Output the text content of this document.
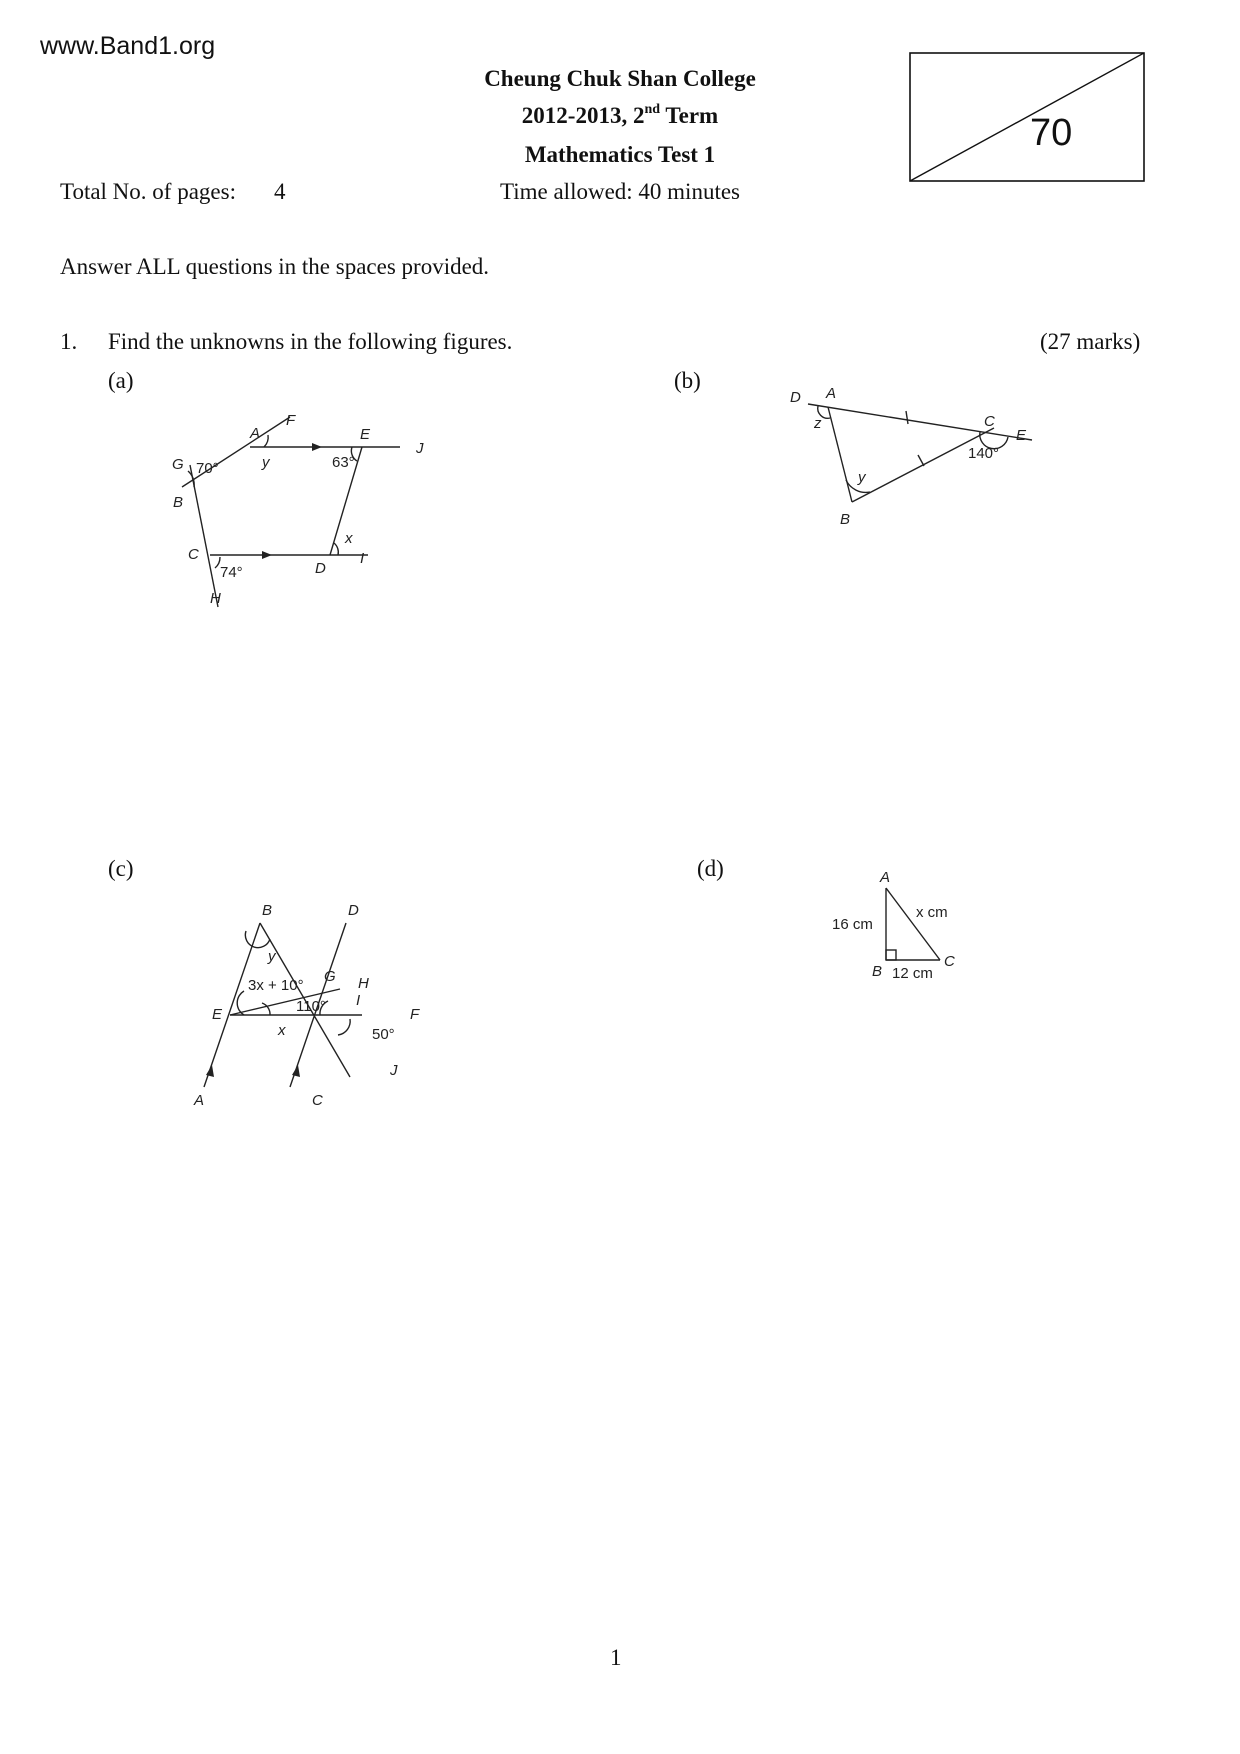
www.Band1.org
Cheung Chuk Shan College
2012-2013, 2nd Term
Mathematics Test 1
Time allowed: 40 minutes
70
Total No. of pages: 4
Answer ALL questions in the spaces provided.
1. Find the unknowns in the following figures.	(27 marks)
(a)	(b)
(c)	(d)
A
G
B
C
D
E
F
H
I
J
70°	63°
74°
y
x
D A
C
E
B
140°
z
y
B	D
G H
E
I
F
A	C
J
3x + 10°
110°
50°
y
x
A
B
C
16 cm
x cm
12 cm
1
